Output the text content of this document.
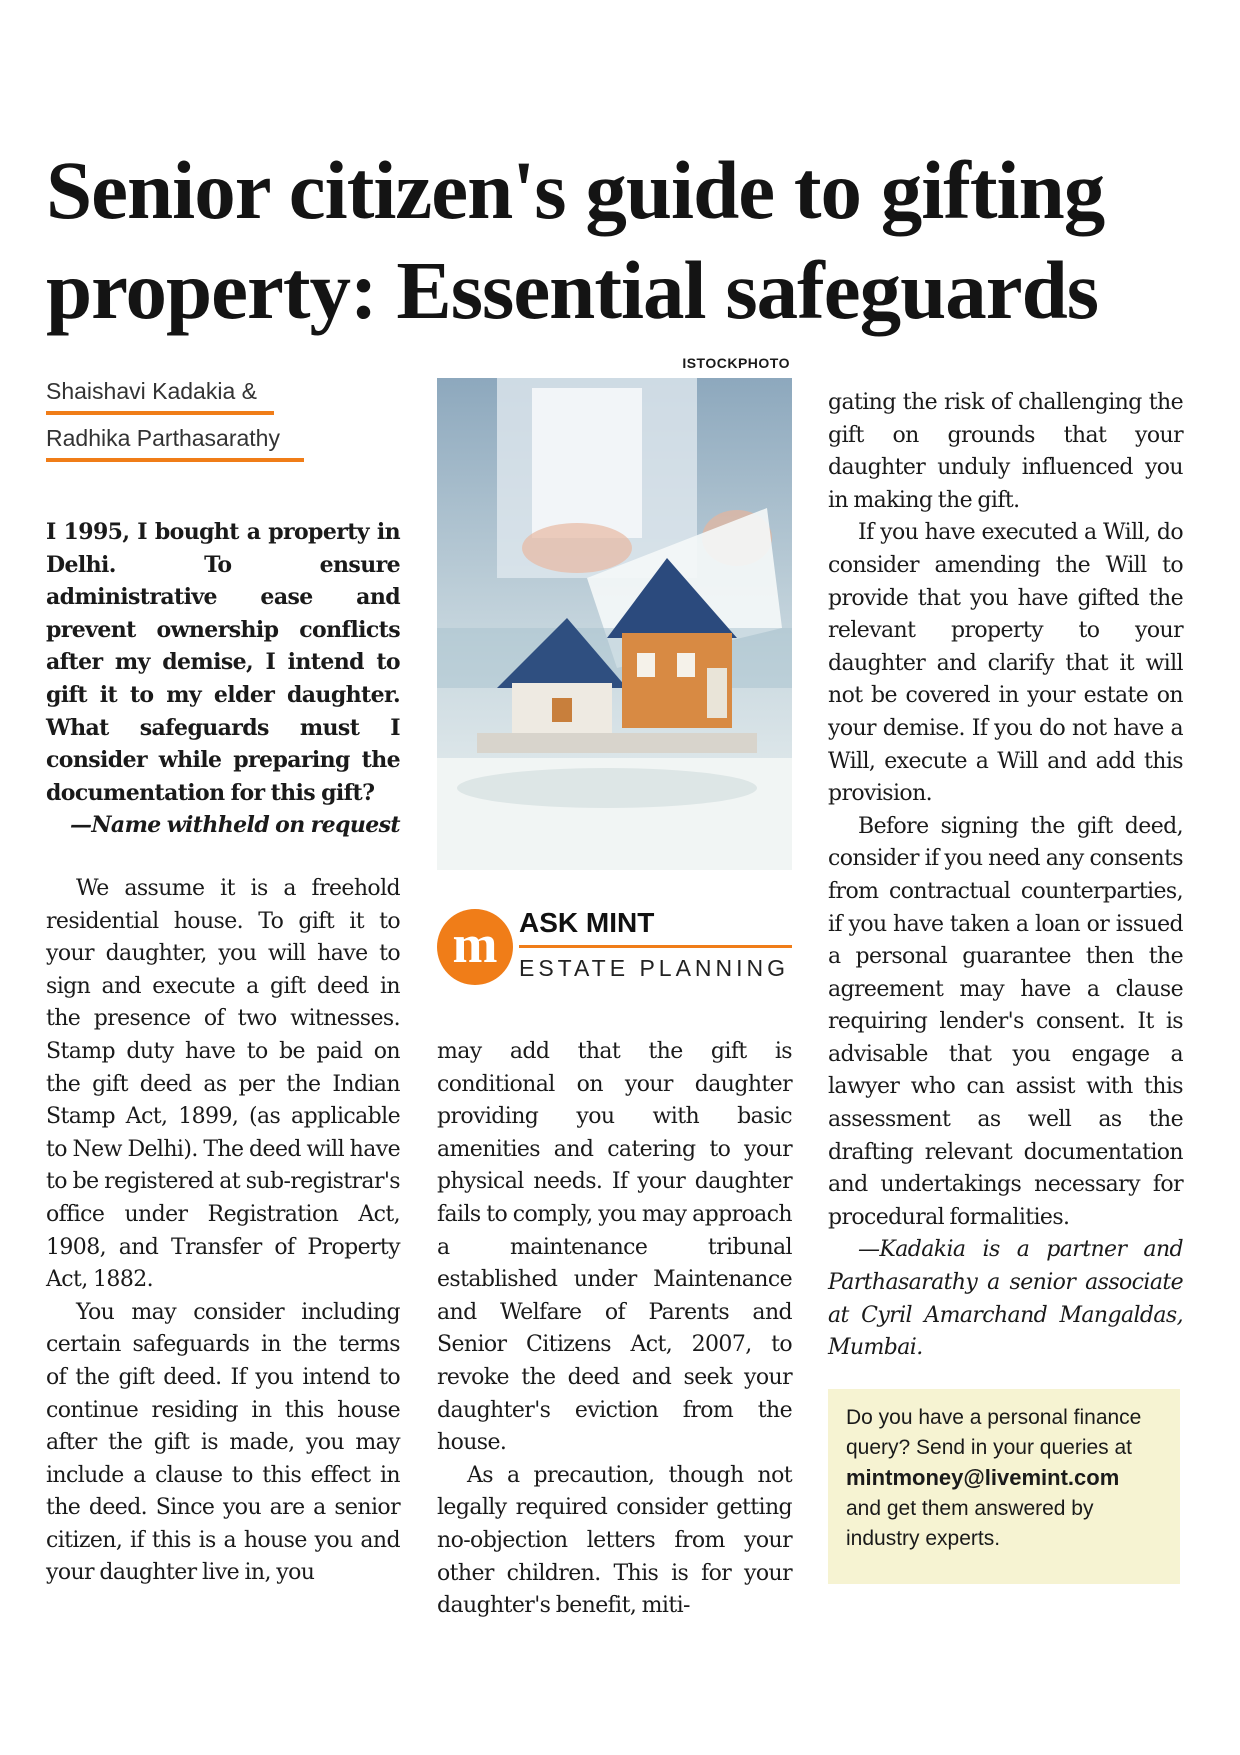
Senior citizen's guide to gifting
property: Essential safeguards
ISTOCKPHOTO
Shaishavi Kadakia &
Radhika Parthasarathy

I 1995, I bought a property in Delhi. To ensure administrative ease and prevent ownership conflicts after my demise, I intend to gift it to my elder daughter. What safeguards must I consider while preparing the documentation for this gift?

—Name withheld on request

We assume it is a freehold residential house. To gift it to your daughter, you will have to sign and execute a gift deed in the presence of two witnesses. Stamp duty have to be paid on the gift deed as per the Indian Stamp Act, 1899, (as applicable to New Delhi). The deed will have to be registered at sub-registrar's office under Registration Act, 1908, and Transfer of Property Act, 1882.

You may consider including certain safeguards in the terms of the gift deed. If you intend to continue residing in this house after the gift is made, you may include a clause to this effect in the deed. Since you are a senior citizen, if this is a house you and your daughter live in, you

m ASK MINT
ESTATE PLANNING

may add that the gift is conditional on your daughter providing you with basic amenities and catering to your physical needs. If your daughter fails to comply, you may approach a maintenance tribunal established under Maintenance and Welfare of Parents and Senior Citizens Act, 2007, to revoke the deed and seek your daughter's eviction from the house.

As a precaution, though not legally required consider getting no-objection letters from your other children. This is for your daughter's benefit, miti-

gating the risk of challenging the gift on grounds that your daughter unduly influenced you in making the gift.

If you have executed a Will, do consider amending the Will to provide that you have gifted the relevant property to your daughter and clarify that it will not be covered in your estate on your demise. If you do not have a Will, execute a Will and add this provision.

Before signing the gift deed, consider if you need any consents from contractual counterparties, if you have taken a loan or issued a personal guarantee then the agreement may have a clause requiring lender's consent. It is advisable that you engage a lawyer who can assist with this assessment as well as the drafting relevant documentation and undertakings necessary for procedural formalities.

—Kadakia is a partner and Parthasarathy a senior associate at Cyril Amarchand Mangaldas, Mumbai.

Do you have a personal finance query? Send in your queries at
mintmoney@livemint.com
and get them answered by industry experts.
